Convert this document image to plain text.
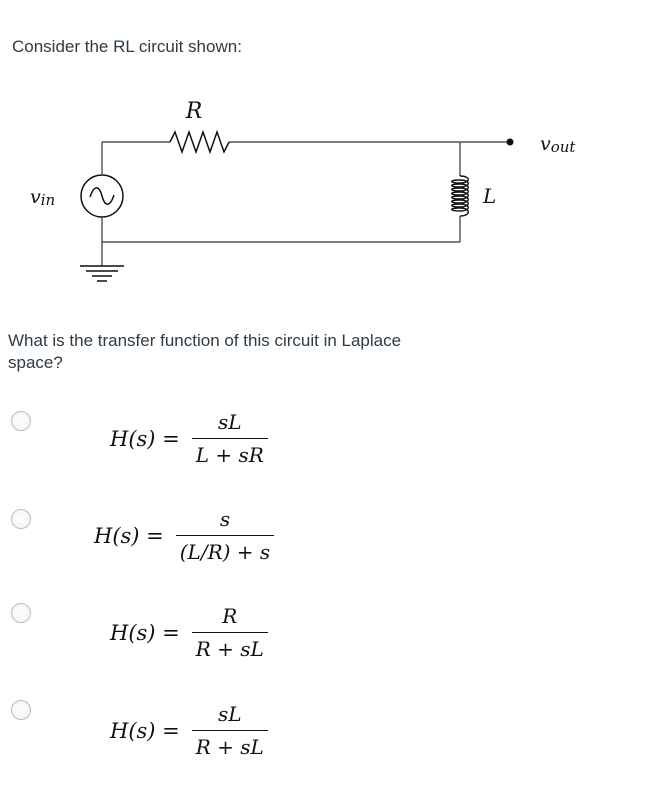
Consider the RL circuit shown:
R
L
vin
vout
What is the transfer function of this circuit in Laplace space?
$H(s) = \frac{sL}{L + sR}$
$H(s) = \frac{s}{(L/R) + s}$
$H(s) = \frac{R}{R + sL}$
$H(s) = \frac{sL}{R + sL}$
